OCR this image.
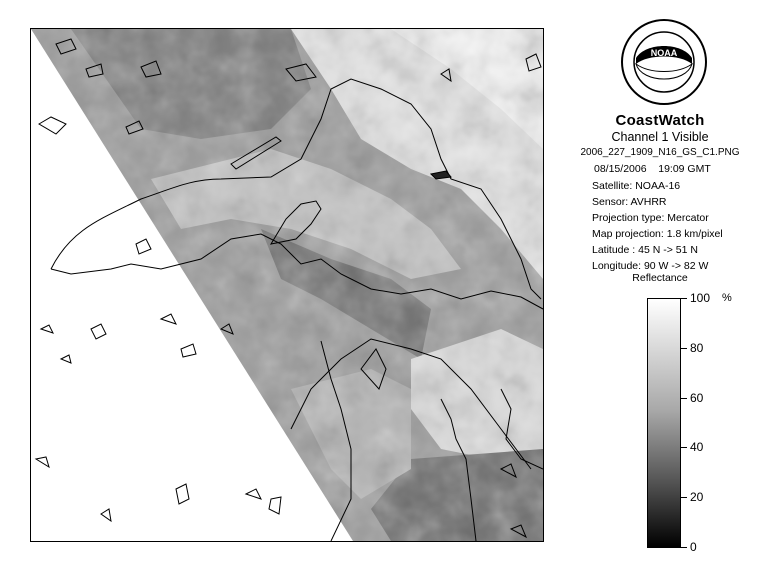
NOAA
CoastWatch
Channel 1 Visible
2006_227_1909_N16_GS_C1.PNG
08/15/2006 19:09 GMT
Satellite: NOAA-16
Sensor: AVHRR
Projection type: Mercator
Map projection: 1.8 km/pixel
Latitude : 45 N -> 51 N
Longitude: 90 W -> 82 W
Reflectance
%
100
80
60
40
20
0
